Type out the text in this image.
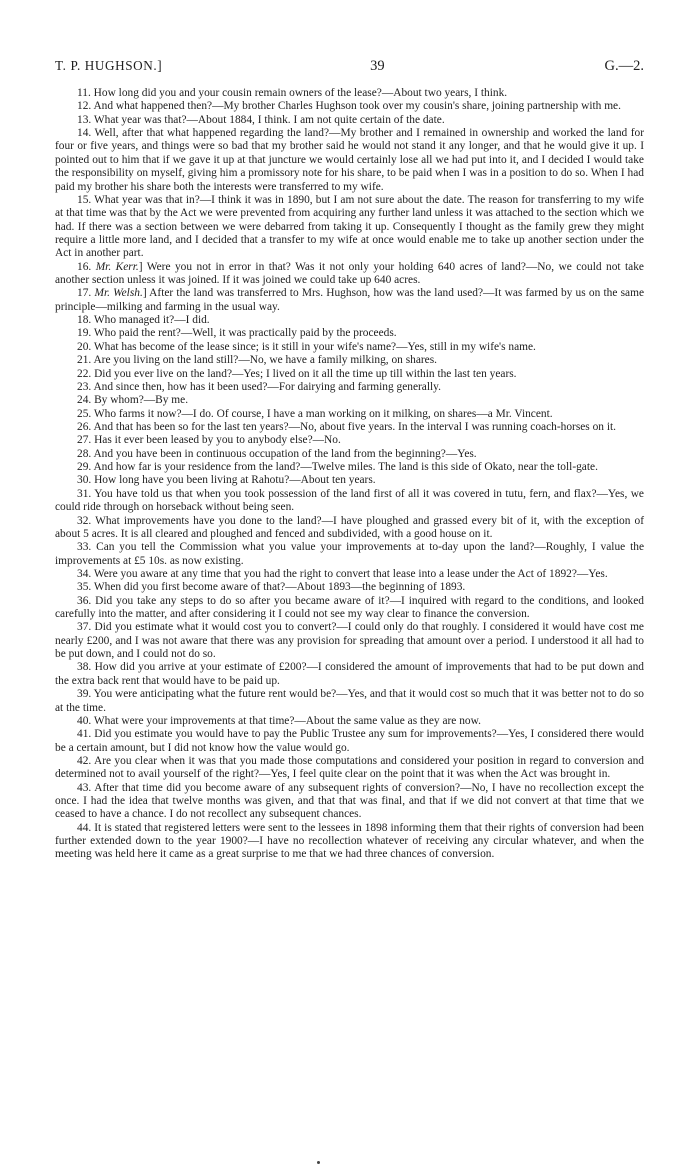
T. P. HUGHSON.]	39	G.—2.

11. How long did you and your cousin remain owners of the lease?—About two years, I think.

12. And what happened then?—My brother Charles Hughson took over my cousin's share, joining partnership with me.

13. What year was that?—About 1884, I think. I am not quite certain of the date.

14. Well, after that what happened regarding the land?—My brother and I remained in ownership and worked the land for four or five years, and things were so bad that my brother said he would not stand it any longer, and that he would give it up. I pointed out to him that if we gave it up at that juncture we would certainly lose all we had put into it, and I decided I would take the responsibility on myself, giving him a promissory note for his share, to be paid when I was in a position to do so. When I had paid my brother his share both the interests were transferred to my wife.

15. What year was that in?—I think it was in 1890, but I am not sure about the date. The reason for transferring to my wife at that time was that by the Act we were prevented from acquiring any further land unless it was attached to the section which we had. If there was a section between we were debarred from taking it up. Consequently I thought as the family grew they might require a little more land, and I decided that a transfer to my wife at once would enable me to take up another section under the Act in another part.

16. Mr. Kerr.] Were you not in error in that? Was it not only your holding 640 acres of land?—No, we could not take another section unless it was joined. If it was joined we could take up 640 acres.

17. Mr. Welsh.] After the land was transferred to Mrs. Hughson, how was the land used?—It was farmed by us on the same principle—milking and farming in the usual way.

18. Who managed it?—I did.

19. Who paid the rent?—Well, it was practically paid by the proceeds.

20. What has become of the lease since; is it still in your wife's name?—Yes, still in my wife's name.

21. Are you living on the land still?—No, we have a family milking, on shares.

22. Did you ever live on the land?—Yes; I lived on it all the time up till within the last ten years.

23. And since then, how has it been used?—For dairying and farming generally.

24. By whom?—By me.

25. Who farms it now?—I do. Of course, I have a man working on it milking, on shares—a Mr. Vincent.

26. And that has been so for the last ten years?—No, about five years. In the interval I was running coach-horses on it.

27. Has it ever been leased by you to anybody else?—No.

28. And you have been in continuous occupation of the land from the beginning?—Yes.

29. And how far is your residence from the land?—Twelve miles. The land is this side of Okato, near the toll-gate.

30. How long have you been living at Rahotu?—About ten years.

31. You have told us that when you took possession of the land first of all it was covered in tutu, fern, and flax?—Yes, we could ride through on horseback without being seen.

32. What improvements have you done to the land?—I have ploughed and grassed every bit of it, with the exception of about 5 acres. It is all cleared and ploughed and fenced and subdivided, with a good house on it.

33. Can you tell the Commission what you value your improvements at to-day upon the land?—Roughly, I value the improvements at £5 10s. as now existing.

34. Were you aware at any time that you had the right to convert that lease into a lease under the Act of 1892?—Yes.

35. When did you first become aware of that?—About 1893—the beginning of 1893.

36. Did you take any steps to do so after you became aware of it?—I inquired with regard to the conditions, and looked carefully into the matter, and after considering it I could not see my way clear to finance the conversion.

37. Did you estimate what it would cost you to convert?—I could only do that roughly. I considered it would have cost me nearly £200, and I was not aware that there was any provision for spreading that amount over a period. I understood it all had to be put down, and I could not do so.

38. How did you arrive at your estimate of £200?—I considered the amount of improvements that had to be put down and the extra back rent that would have to be paid up.

39. You were anticipating what the future rent would be?—Yes, and that it would cost so much that it was better not to do so at the time.

40. What were your improvements at that time?—About the same value as they are now.

41. Did you estimate you would have to pay the Public Trustee any sum for improvements?—Yes, I considered there would be a certain amount, but I did not know how the value would go.

42. Are you clear when it was that you made those computations and considered your position in regard to conversion and determined not to avail yourself of the right?—Yes, I feel quite clear on the point that it was when the Act was brought in.

43. After that time did you become aware of any subsequent rights of conversion?—No, I have no recollection except the once. I had the idea that twelve months was given, and that that was final, and that if we did not convert at that time that we ceased to have a chance. I do not recollect any subsequent chances.

44. It is stated that registered letters were sent to the lessees in 1898 informing them that their rights of conversion had been further extended down to the year 1900?—I have no recollection whatever of receiving any circular whatever, and when the meeting was held here it came as a great surprise to me that we had three chances of conversion.
